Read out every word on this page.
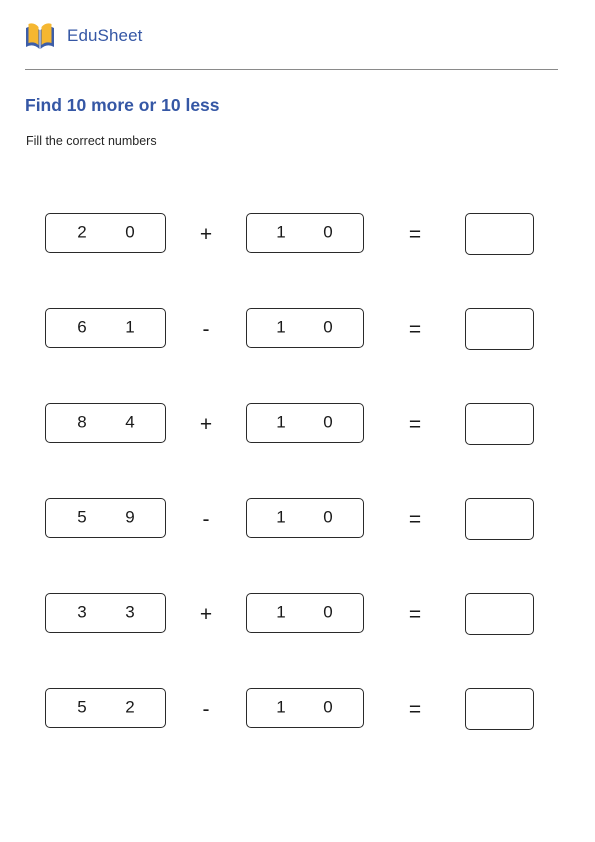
EduSheet
Find 10 more or 10 less

Fill the correct numbers

2 0	+	1 0	=
6 1	-	1 0	=
8 4	+	1 0	=
5 9	-	1 0	=
3 3	+	1 0	=
5 2	-	1 0	=
